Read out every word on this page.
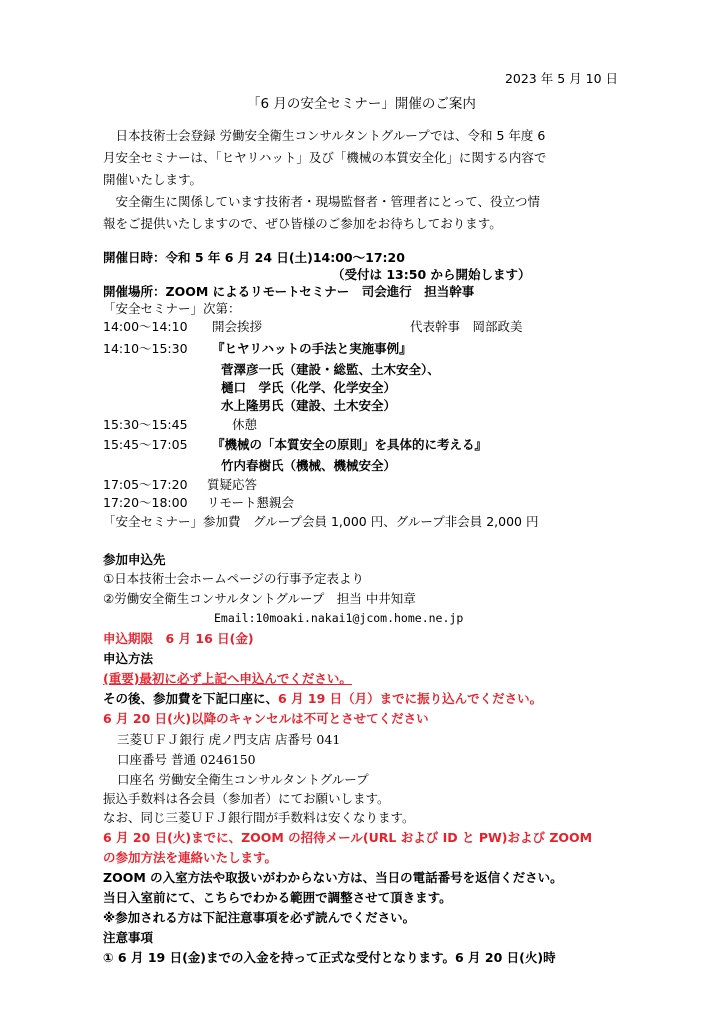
2023 年 5 月 10 日

「6 月の安全セミナー」開催のご案内

　日本技術士会登録 労働安全衛生コンサルタントグループでは、令和 5 年度 6

月安全セミナーは、「ヒヤリハット」及び「機械の本質安全化」に関する内容で

開催いたします。

　安全衛生に関係しています技術者・現場監督者・管理者にとって、役立つ情

報をご提供いたしますので、ぜひ皆様のご参加をお待ちしております。

開催日時：令和 5 年 6 月 24 日(土)14:00～17:20

（受付は 13:50 から開始します）

開催場所：ZOOM によるリモートセミナー　司会進行　担当幹事

「安全セミナー」次第：

14:00～14:10 開会挨拶	代表幹事　岡部政美

14:10～15:30 『ヒヤリハットの手法と実施事例』

菅澤彦一氏（建設・総監、土木安全）、

樋口　学氏（化学、化学安全）

水上隆男氏（建設、土木安全）

15:30～15:45	休憩

15:45～17:05 『機械の「本質安全の原則」を具体的に考える』

竹内春樹氏（機械、機械安全）

17:05～17:20 質疑応答

17:20～18:00 リモート懇親会

「安全セミナー」参加費　グループ会員 1,000 円、グループ非会員 2,000 円

参加申込先

①日本技術士会ホームページの行事予定表より

②労働安全衛生コンサルタントグループ　担当 中井知章

Email:10moaki.nakai1@jcom.home.ne.jp

申込期限　6 月 16 日(金)

申込方法

(重要)最初に必ず上記へ申込んでください。

その後、参加費を下記口座に、6 月 19 日（月）までに振り込んでください。

6 月 20 日(火)以降のキャンセルは不可とさせてください

三菱ＵＦＪ銀行 虎ノ門支店 店番号 041

口座番号 普通 0246150

口座名 労働安全衛生コンサルタントグループ

振込手数料は各会員（参加者）にてお願いします。

なお、同じ三菱ＵＦＪ銀行間が手数料は安くなります。

6 月 20 日(火)までに、ZOOM の招待メール(URL および ID と PW)および ZOOM

の参加方法を連絡いたします。

ZOOM の入室方法や取扱いがわからない方は、当日の電話番号を返信ください。

当日入室前にて、こちらでわかる範囲で調整させて頂きます。

※参加される方は下記注意事項を必ず読んでください。

注意事項

① 6 月 19 日(金)までの入金を持って正式な受付となります。6 月 20 日(火)時
